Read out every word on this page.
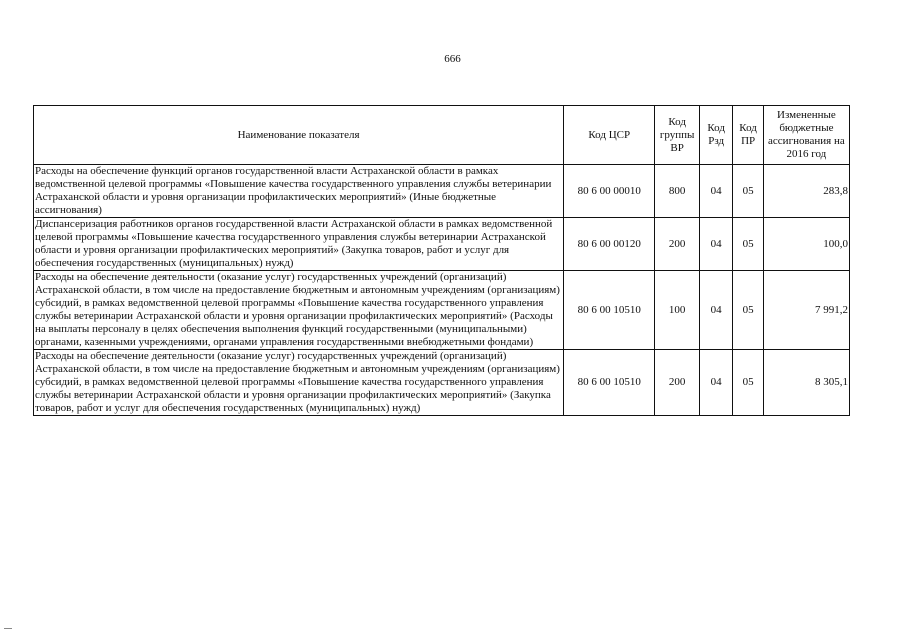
666
Наименование показателя	Код ЦСР	Код группы ВР	Код Рзд	Код ПР	Измененные бюджетные ассигнования на 2016 год
Расходы на обеспечение функций органов государственной власти Астраханской области в рамках ведомственной целевой программы «Повышение качества государственного управления службы ветеринарии Астраханской области и уровня организации профилактических мероприятий» (Иные бюджетные ассигнования)	80 6 00 00010	800	04	05	283,8
Диспансеризация работников органов государственной власти Астраханской области в рамках ведомственной целевой программы «Повышение качества государственного управления службы ветеринарии Астраханской области и уровня организации профилактических мероприятий» (Закупка товаров, работ и услуг для обеспечения государственных (муниципальных) нужд)	80 6 00 00120	200	04	05	100,0
Расходы на обеспечение деятельности (оказание услуг) государственных учреждений (организаций) Астраханской области, в том числе на предоставление бюджетным и автономным учреждениям (организациям) субсидий, в рамках ведомственной целевой программы «Повышение качества государственного управления службы ветеринарии Астраханской области и уровня организации профилактических мероприятий» (Расходы на выплаты персоналу в целях обеспечения выполнения функций государственными (муниципальными) органами, казенными учреждениями, органами управления государственными внебюджетными фондами)	80 6 00 10510	100	04	05	7 991,2
Расходы на обеспечение деятельности (оказание услуг) государственных учреждений (организаций) Астраханской области, в том числе на предоставление бюджетным и автономным учреждениям (организациям) субсидий, в рамках ведомственной целевой программы «Повышение качества государственного управления службы ветеринарии Астраханской области и уровня организации профилактических мероприятий» (Закупка товаров, работ и услуг для обеспечения государственных (муниципальных) нужд)	80 6 00 10510	200	04	05	8 305,1
